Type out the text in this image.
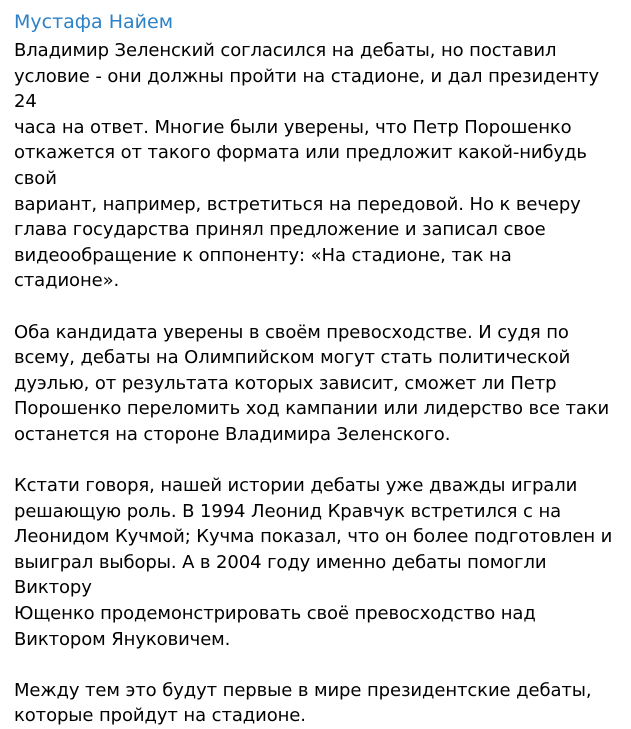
Мустафа Найем

Владимир Зеленский согласился на дебаты, но поставил
условие - они должны пройти на стадионе, и дал президенту 24
часа на ответ. Многие были уверены, что Петр Порошенко
откажется от такого формата или предложит какой-нибудь свой
вариант, например, встретиться на передовой. Но к вечеру
глава государства принял предложение и записал свое
видеообращение к оппоненту: «На стадионе, так на стадионе».

Оба кандидата уверены в своём превосходстве. И судя по
всему, дебаты на Олимпийском могут стать политической
дуэлью, от результата которых зависит, сможет ли Петр
Порошенко переломить ход кампании или лидерство все таки
останется на стороне Владимира Зеленского.

Кстати говоря, нашей истории дебаты уже дважды играли
решающую роль. В 1994 Леонид Кравчук встретился с на
Леонидом Кучмой; Кучма показал, что он более подготовлен и
выиграл выборы. А в 2004 году именно дебаты помогли Виктору
Ющенко продемонстрировать своё превосходство над
Виктором Януковичем.

Между тем это будут первые в мире президентские дебаты,
которые пройдут на стадионе.
